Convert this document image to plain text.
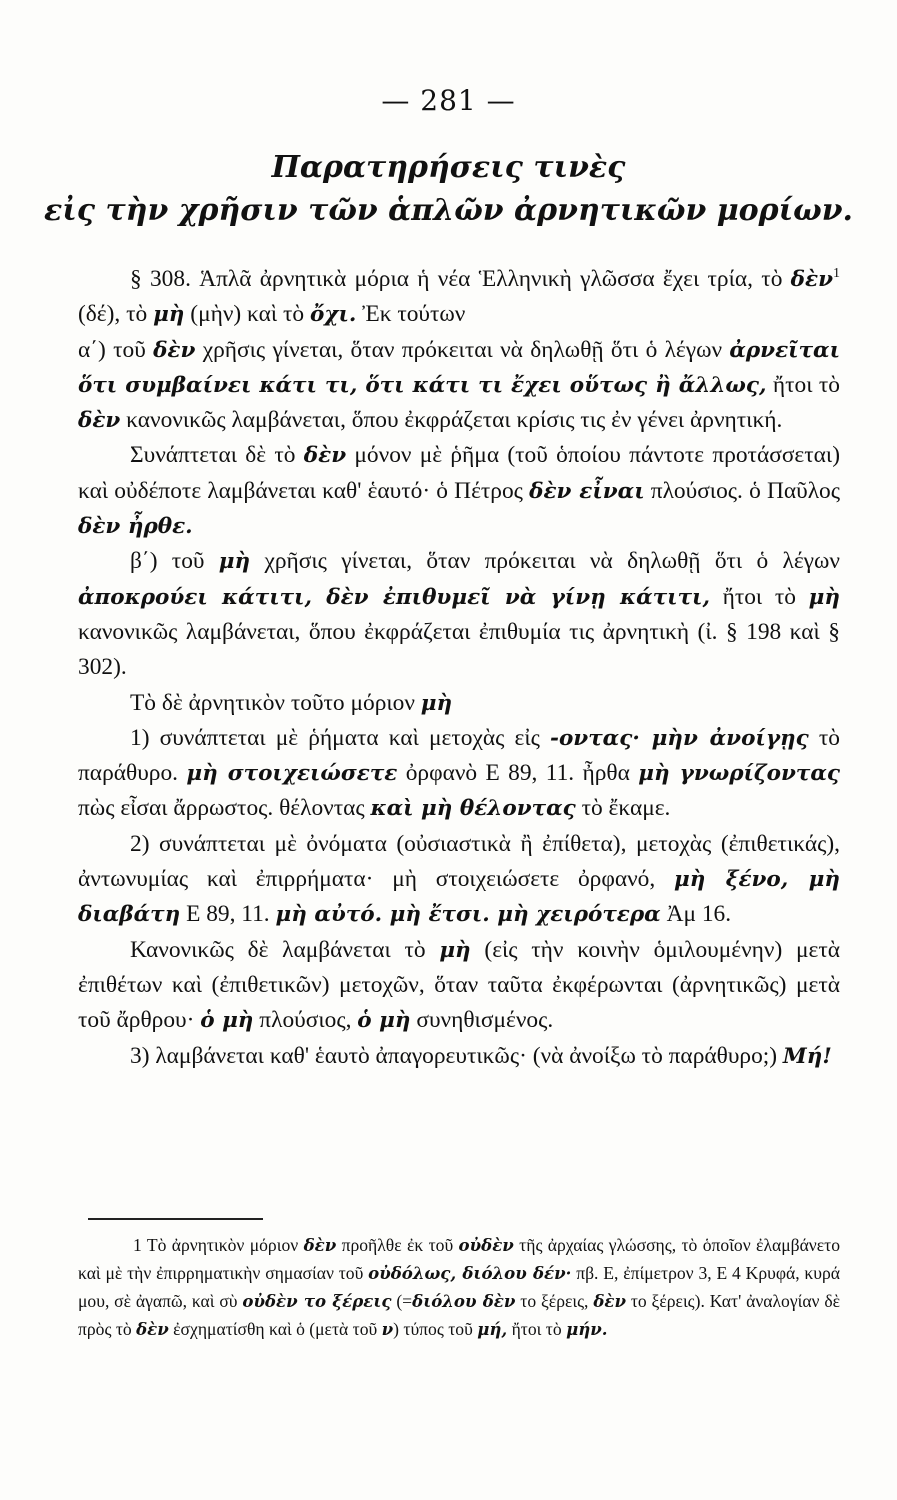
— 281 —
Παρατηρήσεις τινὲς
εἰς τὴν χρῆσιν τῶν ἁπλῶν ἀρνητικῶν μορίων.

§ 308. Ἁπλᾶ ἀρνητικὰ μόρια ἡ νέα Ἑλληνικὴ γλῶσσα ἔχει τρία, τὸ δὲν$^1$ (δέ), τὸ μὴ (μὴν) καὶ τὸ ὄχι. Ἐκ τούτων

α΄) τοῦ δὲν χρῆσις γίνεται, ὅταν πρόκειται νὰ δηλωθῇ ὅτι ὁ λέγων ἀρνεῖται ὅτι συμβαίνει κάτι τι, ὅτι κάτι τι ἔχει οὕτως ἢ ἄλλως, ἤτοι τὸ δὲν κανονικῶς λαμβάνεται, ὅπου ἐκφράζεται κρίσις τις ἐν γένει ἀρνητική.

Συνάπτεται δὲ τὸ δὲν μόνον μὲ ῥῆμα (τοῦ ὁποίου πάντοτε προτάσσεται) καὶ οὐδέποτε λαμβάνεται καθ' ἑαυτό· ὁ Πέτρος δὲν εἶναι πλούσιος. ὁ Παῦλος δὲν ἦρθε.

β΄) τοῦ μὴ χρῆσις γίνεται, ὅταν πρόκειται νὰ δηλωθῇ ὅτι ὁ λέγων ἀποκρούει κάτιτι, δὲν ἐπιθυμεῖ νὰ γίνῃ κάτιτι, ἤτοι τὸ μὴ κανονικῶς λαμβάνεται, ὅπου ἐκφράζεται ἐπιθυμία τις ἀρνητικὴ (ἰ. § 198 καὶ § 302).

Τὸ δὲ ἀρνητικὸν τοῦτο μόριον μὴ

1) συνάπτεται μὲ ῥήματα καὶ μετοχὰς εἰς -οντας· μὴν ἀνοίγῃς τὸ παράθυρο. μὴ στοιχειώσετε ὀρφανὸ Ε 89, 11. ἦρθα μὴ γνωρίζοντας πὼς εἶσαι ἄρρωστος. θέλοντας καὶ μὴ θέλοντας τὸ ἔκαμε.

2) συνάπτεται μὲ ὀνόματα (οὐσιαστικὰ ἢ ἐπίθετα), μετοχὰς (ἐπιθετικάς), ἀντωνυμίας καὶ ἐπιρρήματα· μὴ στοιχειώσετε ὀρφανό, μὴ ξένο, μὴ διαβάτη Ε 89, 11. μὴ αὐτό. μὴ ἔτσι. μὴ χειρότερα Ἀμ 16.

Κανονικῶς δὲ λαμβάνεται τὸ μὴ (εἰς τὴν κοινὴν ὁμιλουμένην) μετὰ ἐπιθέτων καὶ (ἐπιθετικῶν) μετοχῶν, ὅταν ταῦτα ἐκφέρωνται (ἀρνητικῶς) μετὰ τοῦ ἄρθρου· ὁ μὴ πλούσιος, ὁ μὴ συνηθισμένος.

3) λαμβάνεται καθ' ἑαυτὸ ἀπαγορευτικῶς· (νὰ ἀνοίξω τὸ παράθυρο;) Μή!

1 Τὸ ἀρνητικὸν μόριον δὲν προῆλθε ἐκ τοῦ οὐδὲν τῆς ἀρχαίας γλώσσης, τὸ ὁποῖον ἐλαμβάνετο καὶ μὲ τὴν ἐπιρρηματικὴν σημασίαν τοῦ οὐδόλως, διόλου δέν· πβ. Ε, ἐπίμετρον 3, Ε 4 Κρυφά, κυρά μου, σὲ ἀγαπῶ, καὶ σὺ οὐδὲν το ξέρεις (=διόλου δὲν το ξέρεις, δὲν το ξέρεις). Κατ' ἀναλογίαν δὲ πρὸς τὸ δὲν ἐσχηματίσθη καὶ ὁ (μετὰ τοῦ ν) τύπος τοῦ μή, ἤτοι τὸ μήν.
